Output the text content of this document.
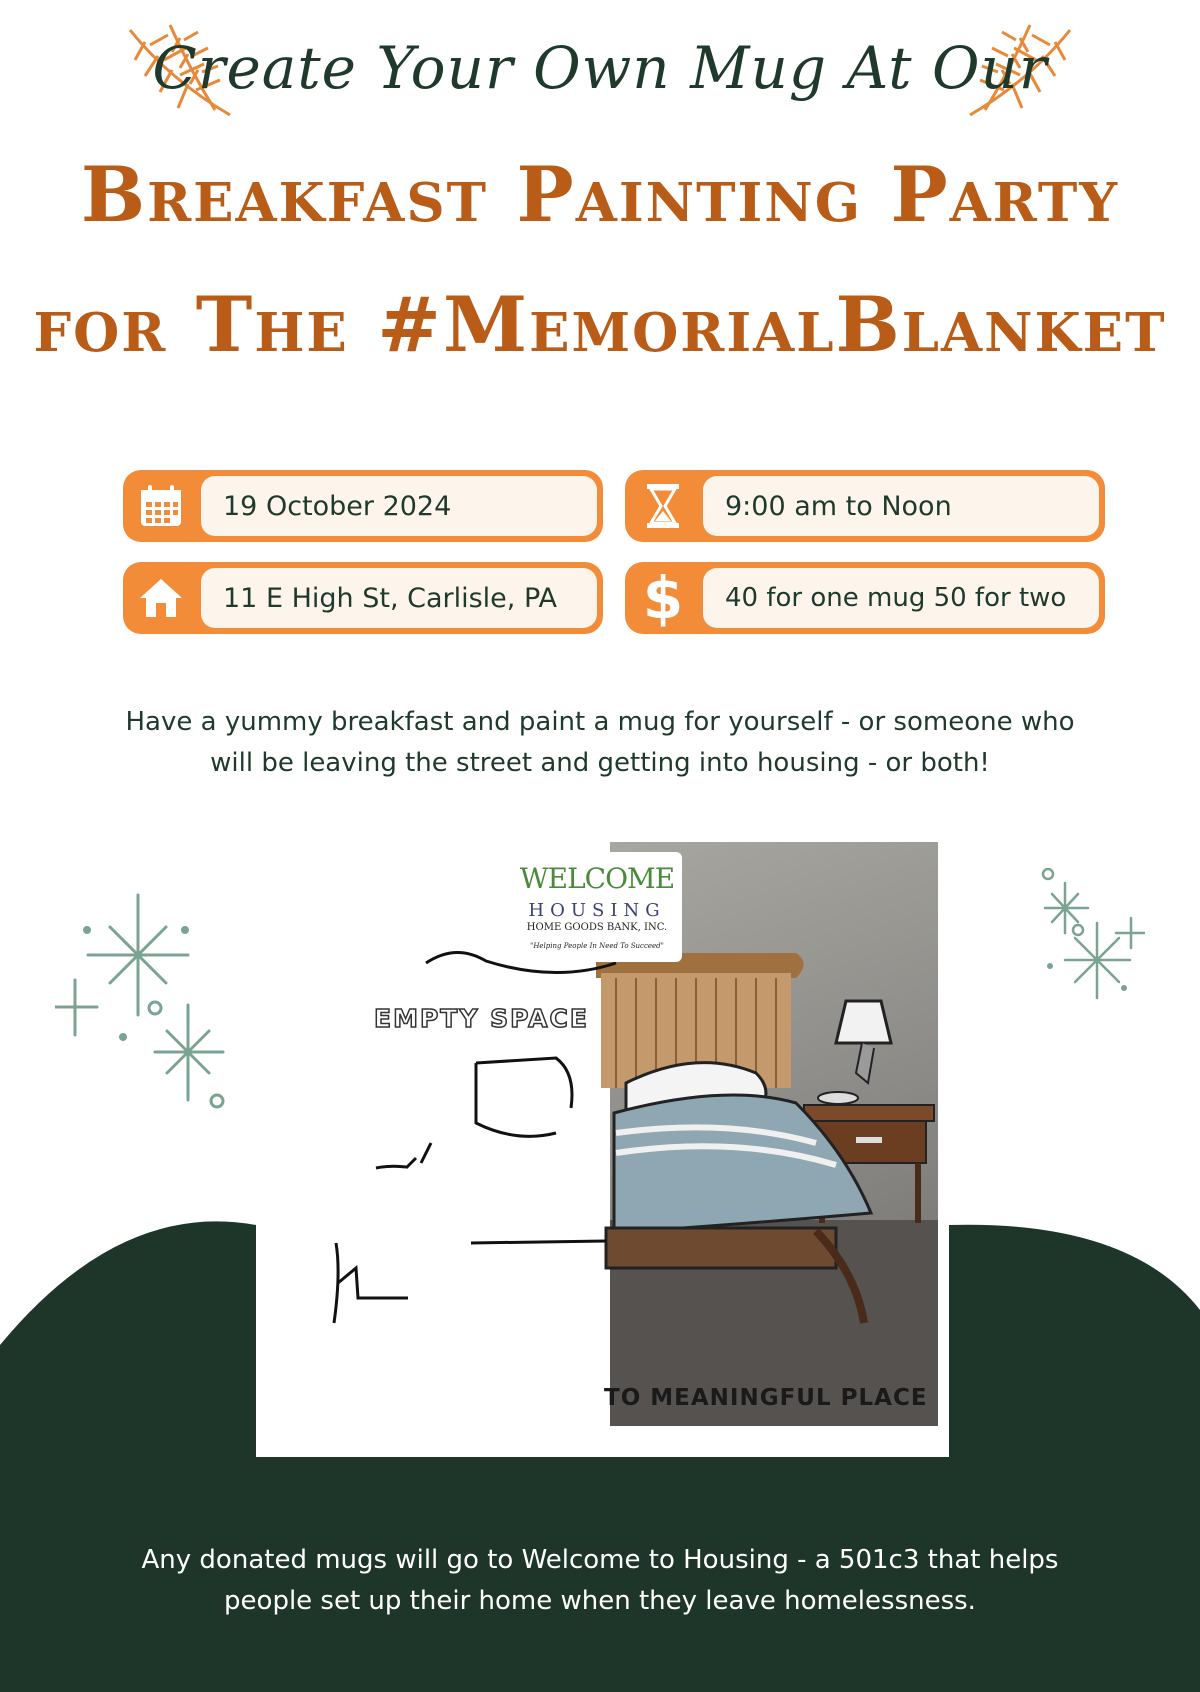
Create Your Own Mug At Our
Breakfast Painting Party
for The #MemorialBlanket
19 October 2024	9:00 am to Noon
11 E High St, Carlisle, PA	$	40 for one mug 50 for two
Have a yummy breakfast and paint a mug for yourself - or someone who will be leaving the street and getting into housing - or both!
WELCOME
HOUSING
HOME GOODS BANK, INC.
"Helping People In Need To Succeed"
EMPTY SPACE
TO MEANINGFUL PLACE
Any donated mugs will go to Welcome to Housing - a 501c3 that helps people set up their home when they leave homelessness.
